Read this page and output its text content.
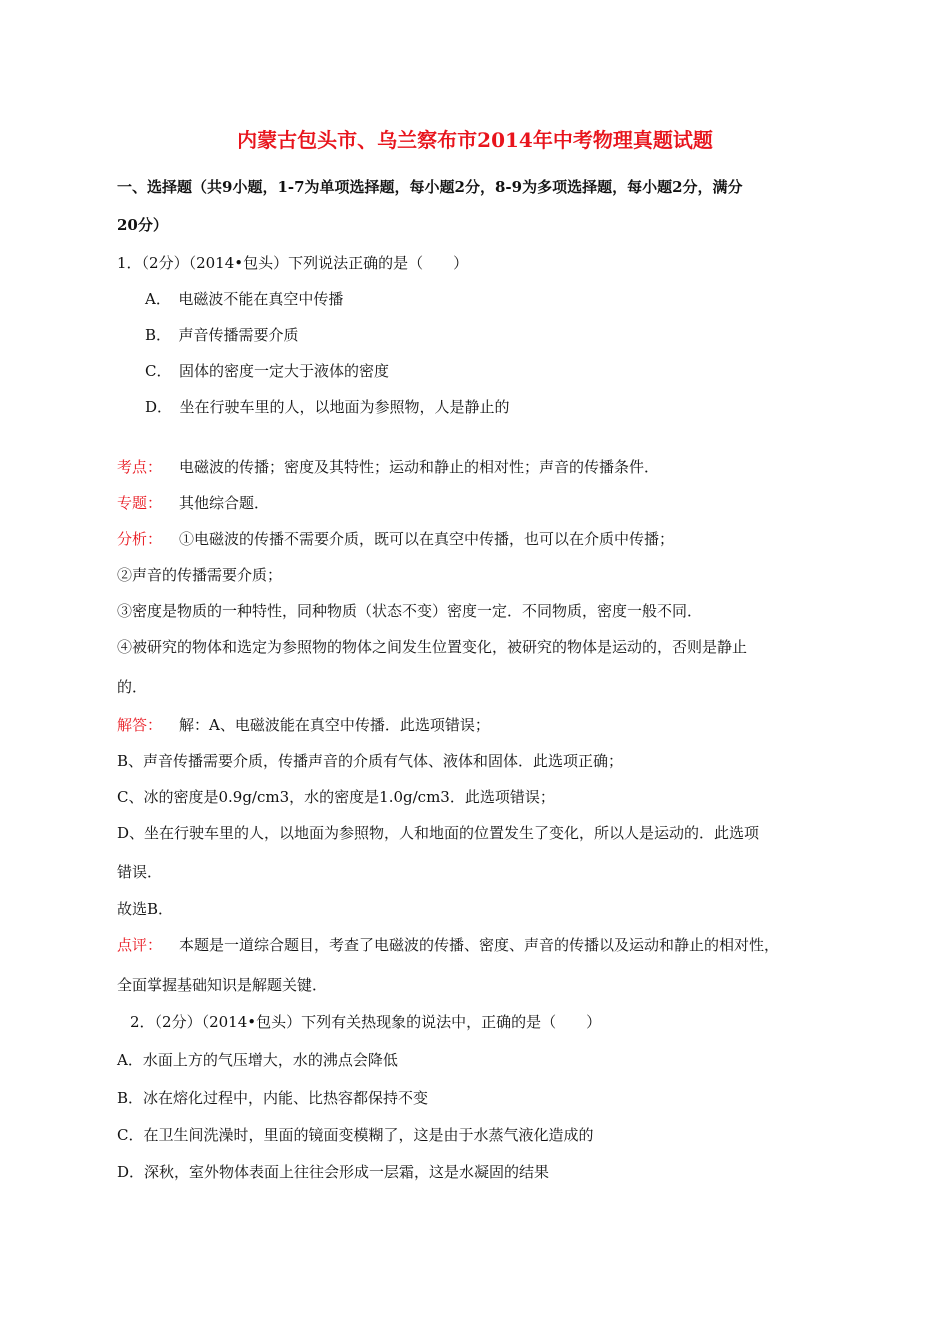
内蒙古包头市、乌兰察布市2014年中考物理真题试题
一、选择题（共9小题，1-7为单项选择题，每小题2分，8-9为多项选择题，每小题2分，满分
20分）
1．（2分）（2014•包头）下列说法正确的是（　　）
A．　电磁波不能在真空中传播
B．　声音传播需要介质
C．　固体的密度一定大于液体的密度
D．　坐在行驶车里的人，以地面为参照物，人是静止的
考点： 电磁波的传播；密度及其特性；运动和静止的相对性；声音的传播条件．
专题： 其他综合题．
分析： ①电磁波的传播不需要介质，既可以在真空中传播，也可以在介质中传播；
②声音的传播需要介质；
③密度是物质的一种特性，同种物质（状态不变）密度一定．不同物质，密度一般不同．
④被研究的物体和选定为参照物的物体之间发生位置变化，被研究的物体是运动的，否则是静止
的．
解答： 解：A、电磁波能在真空中传播．此选项错误；
B、声音传播需要介质，传播声音的介质有气体、液体和固体．此选项正确；
C、冰的密度是0.9g/cm3，水的密度是1.0g/cm3．此选项错误；
D、坐在行驶车里的人，以地面为参照物，人和地面的位置发生了变化，所以人是运动的．此选项
错误．
故选B．
点评： 本题是一道综合题目，考查了电磁波的传播、密度、声音的传播以及运动和静止的相对性，
全面掌握基础知识是解题关键．
2．（2分）（2014•包头）下列有关热现象的说法中，正确的是（　　）
A．水面上方的气压增大，水的沸点会降低
B．冰在熔化过程中，内能、比热容都保持不变
C．在卫生间洗澡时，里面的镜面变模糊了，这是由于水蒸气液化造成的
D．深秋，室外物体表面上往往会形成一层霜，这是水凝固的结果
